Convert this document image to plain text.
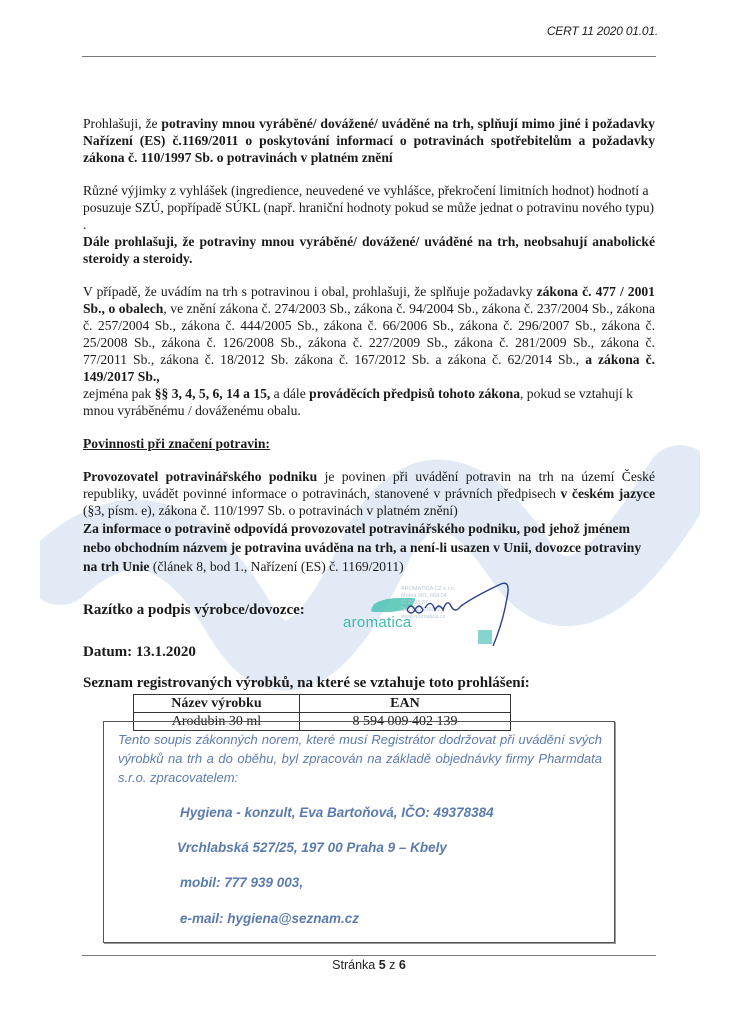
CERT 11 2020 01.01.

Prohlašuji, že potraviny mnou vyráběné/ dovážené/ uváděné na trh, splňují mimo jiné i požadavky Nařízení (ES) č.1169/2011 o poskytování informací o potravinách spotřebitelům a požadavky zákona č. 110/1997 Sb. o potravinách v platném znění

Různé výjimky z vyhlášek (ingredience, neuvedené ve vyhlášce, překročení limitních hodnot) hodnotí a posuzuje SZÚ, popřípadě SÚKL (např. hraniční hodnoty pokud se může jednat o potravinu nového typu)

.

Dále prohlašuji, že potraviny mnou vyráběné/ dovážené/ uváděné na trh, neobsahují anabolické steroidy a steroidy.

V případě, že uvádím na trh s potravinou i obal, prohlašuji, že splňuje požadavky zákona č. 477 / 2001 Sb., o obalech, ve znění zákona č. 274/2003 Sb., zákona č. 94/2004 Sb., zákona č. 237/2004 Sb., zákona č. 257/2004 Sb., zákona č. 444/2005 Sb., zákona č. 66/2006 Sb., zákona č. 296/2007 Sb., zákona č. 25/2008 Sb., zákona č. 126/2008 Sb., zákona č. 227/2009 Sb., zákona č. 281/2009 Sb., zákona č. 77/2011 Sb., zákona č. 18/2012 Sb. zákona č. 167/2012 Sb. a zákona č. 62/2014 Sb., a zákona č. 149/2017 Sb.,

zejména pak §§ 3, 4, 5, 6, 14 a 15, a dále prováděcích předpisů tohoto zákona, pokud se vztahují k mnou vyráběnému / dováženému obalu.

Povinnosti při značení potravin:

Provozovatel potravinářského podniku je povinen při uvádění potravin na trh na území České republiky, uvádět povinné informace o potravinách, stanovené v právních předpisech v českém jazyce (§3, písm. e), zákona č. 110/1997 Sb. o potravinách v platném znění)

Za informace o potravině odpovídá provozovatel potravinářského podniku, pod jehož jménem nebo obchodním názvem je potravina uváděna na trh, a není-li usazen v Unii, dovozce potraviny na trh Unie (článek 8, bod 1., Nařízení (ES) č. 1169/2011)

Razítko a podpis výrobce/dovozce:
aromatica
AROMATICA CZ s.r.o.
Mokrá 301, 664 04
IČ 2583 37
DIČ CZ25393327
www.aromatica.cz
Datum: 13.1.2020
Seznam registrovaných výrobků, na které se vztahuje toto prohlášení:
Název výrobku	EAN
Arodubin 30 ml	8 594 009 402 139
Tento soupis zákonných norem, které musí Registrátor dodržovat při uvádění svých výrobků na trh a do oběhu, byl zpracován na základě objednávky firmy Pharmdata s.r.o. zpracovatelem:
Hygiena - konzult, Eva Bartoňová, IČO: 49378384
Vrchlabská 527/25, 197 00 Praha 9 – Kbely
mobil: 777 939 003,
e-mail: hygiena@seznam.cz
Stránka 5 z 6
